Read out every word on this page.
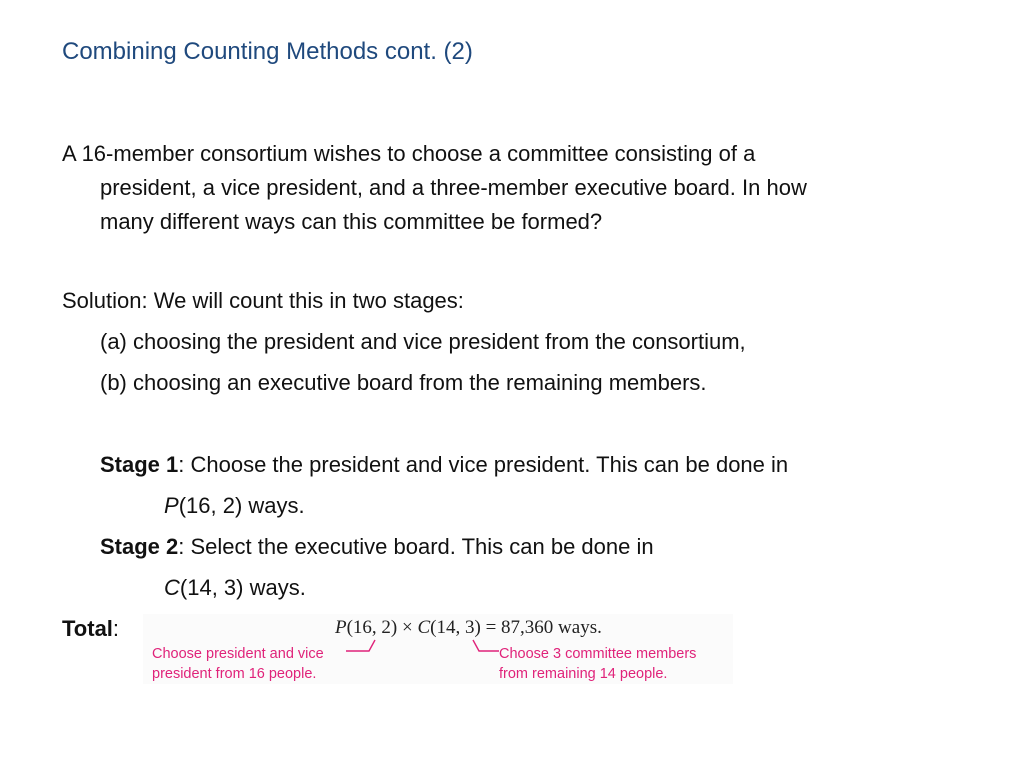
Combining Counting Methods cont. (2)
A 16-member consortium wishes to choose a committee consisting of a
president, a vice president, and a three-member executive board. In how
many different ways can this committee be formed?
Solution: We will count this in two stages:
(a) choosing the president and vice president from the consortium,
(b) choosing an executive board from the remaining members.
Stage 1: Choose the president and vice president. This can be done in
P(16, 2) ways.
Stage 2: Select the executive board. This can be done in
C(14, 3) ways.
Total:	P(16, 2) × C(14, 3) = 87,360 ways.
Choose president and vice
president from 16 people.
Choose 3 committee members
from remaining 14 people.
